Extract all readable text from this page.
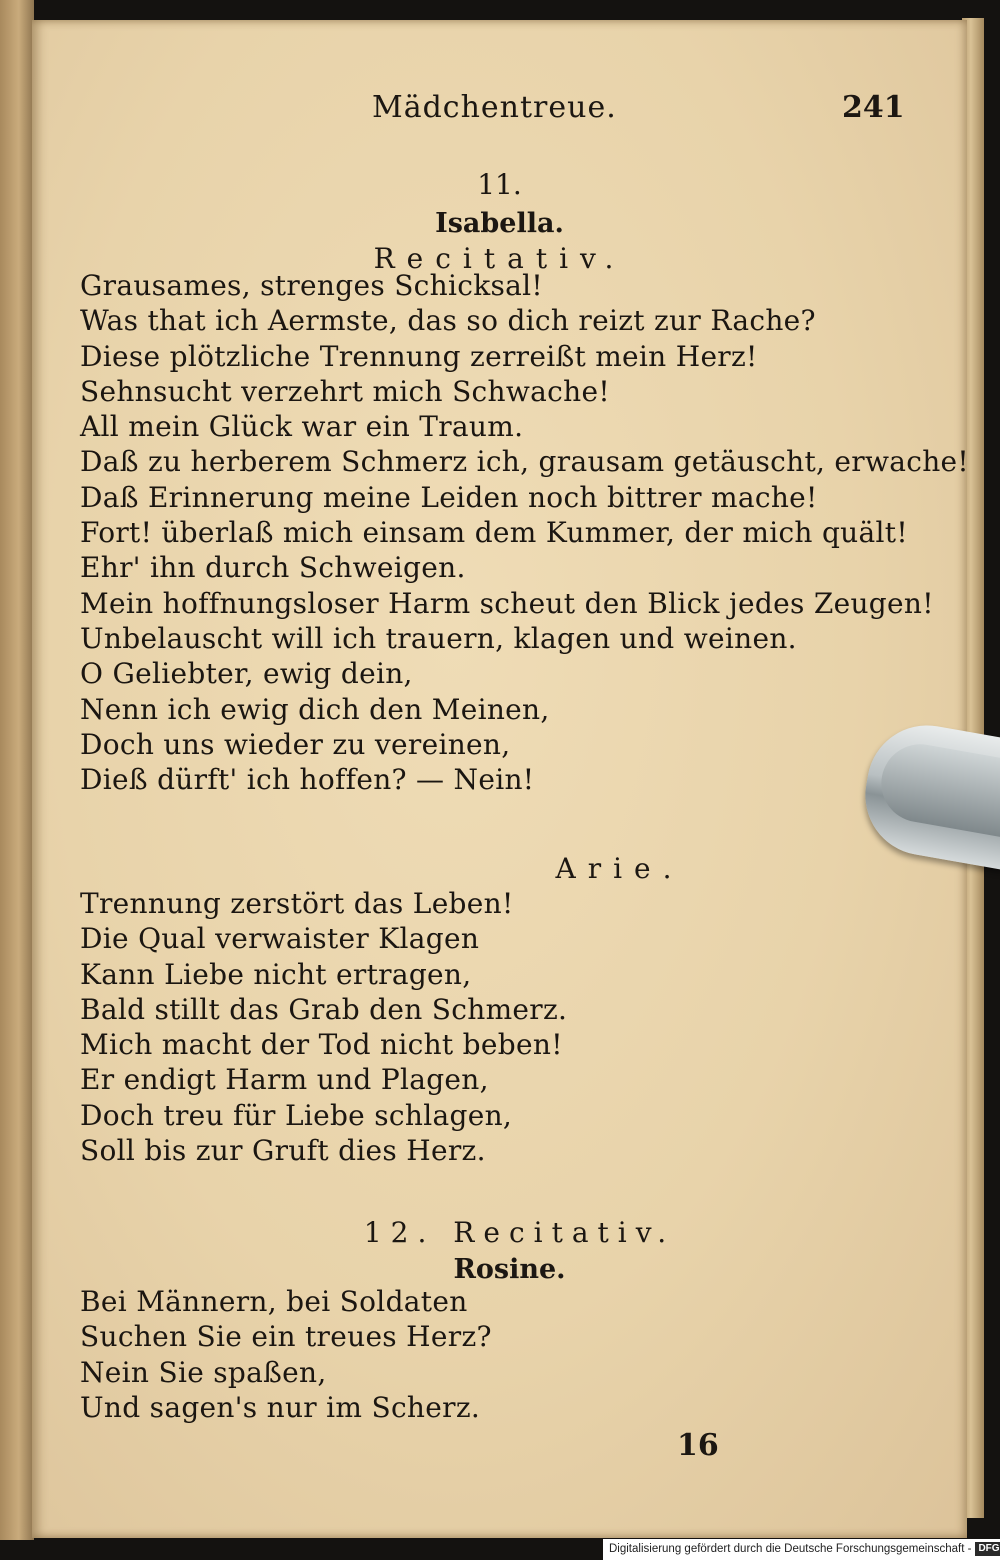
Mädchentreue.	241
11.
Isabella.
Recitativ.
Grausames, strenges Schicksal!
Was that ich Aermste, das so dich reizt zur Rache?
Diese plötzliche Trennung zerreißt mein Herz!
Sehnsucht verzehrt mich Schwache!
All mein Glück war ein Traum.
Daß zu herberem Schmerz ich, grausam getäuscht, erwache!
Daß Erinnerung meine Leiden noch bittrer mache!
Fort! überlaß mich einsam dem Kummer, der mich quält!
Ehr' ihn durch Schweigen.
Mein hoffnungsloser Harm scheut den Blick jedes Zeugen!
Unbelauscht will ich trauern, klagen und weinen.
O Geliebter, ewig dein,
Nenn ich ewig dich den Meinen,
Doch uns wieder zu vereinen,
Dieß dürft' ich hoffen? — Nein!
Arie.
Trennung zerstört das Leben!
Die Qual verwaister Klagen
Kann Liebe nicht ertragen,
Bald stillt das Grab den Schmerz.
Mich macht der Tod nicht beben!
Er endigt Harm und Plagen,
Doch treu für Liebe schlagen,
Soll bis zur Gruft dies Herz.
12. Recitativ.
Rosine.
Bei Männern, bei Soldaten
Suchen Sie ein treues Herz?
Nein Sie spaßen,
Und sagen's nur im Scherz.
16
Digitalisierung gefördert durch die Deutsche Forschungsgemeinschaft - DFG
